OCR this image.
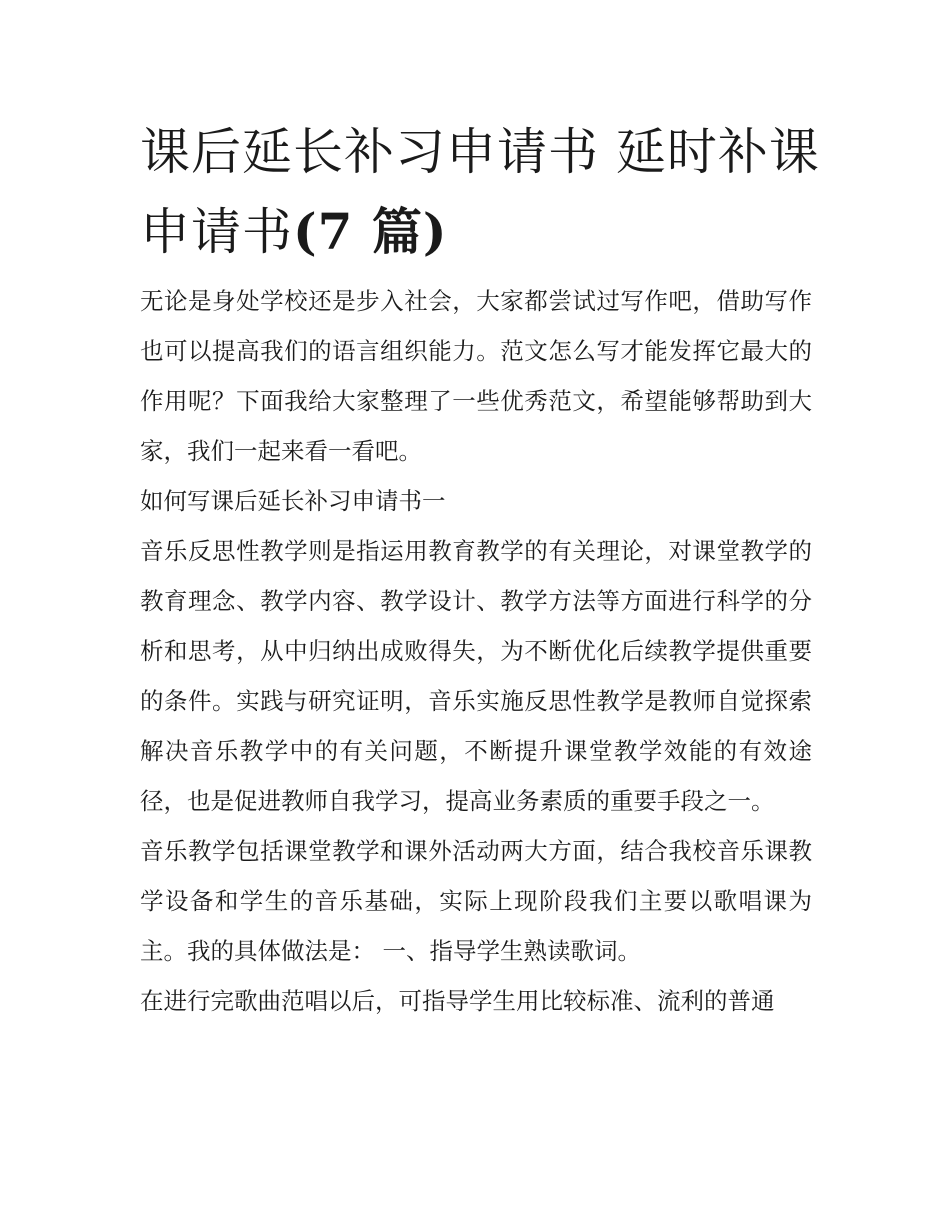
课后延长补习申请书 延时补课申请书(7 篇)

无论是身处学校还是步入社会，大家都尝试过写作吧，借助写作也可以提高我们的语言组织能力。范文怎么写才能发挥它最大的作用呢？下面我给大家整理了一些优秀范文，希望能够帮助到大家，我们一起来看一看吧。

如何写课后延长补习申请书一

音乐反思性教学则是指运用教育教学的有关理论，对课堂教学的教育理念、教学内容、教学设计、教学方法等方面进行科学的分析和思考，从中归纳出成败得失，为不断优化后续教学提供重要的条件。实践与研究证明，音乐实施反思性教学是教师自觉探索解决音乐教学中的有关问题，不断提升课堂教学效能的有效途径，也是促进教师自我学习，提高业务素质的重要手段之一。

音乐教学包括课堂教学和课外活动两大方面，结合我校音乐课教学设备和学生的音乐基础，实际上现阶段我们主要以歌唱课为主。我的具体做法是： 一、指导学生熟读歌词。

在进行完歌曲范唱以后，可指导学生用比较标准、流利的普通
